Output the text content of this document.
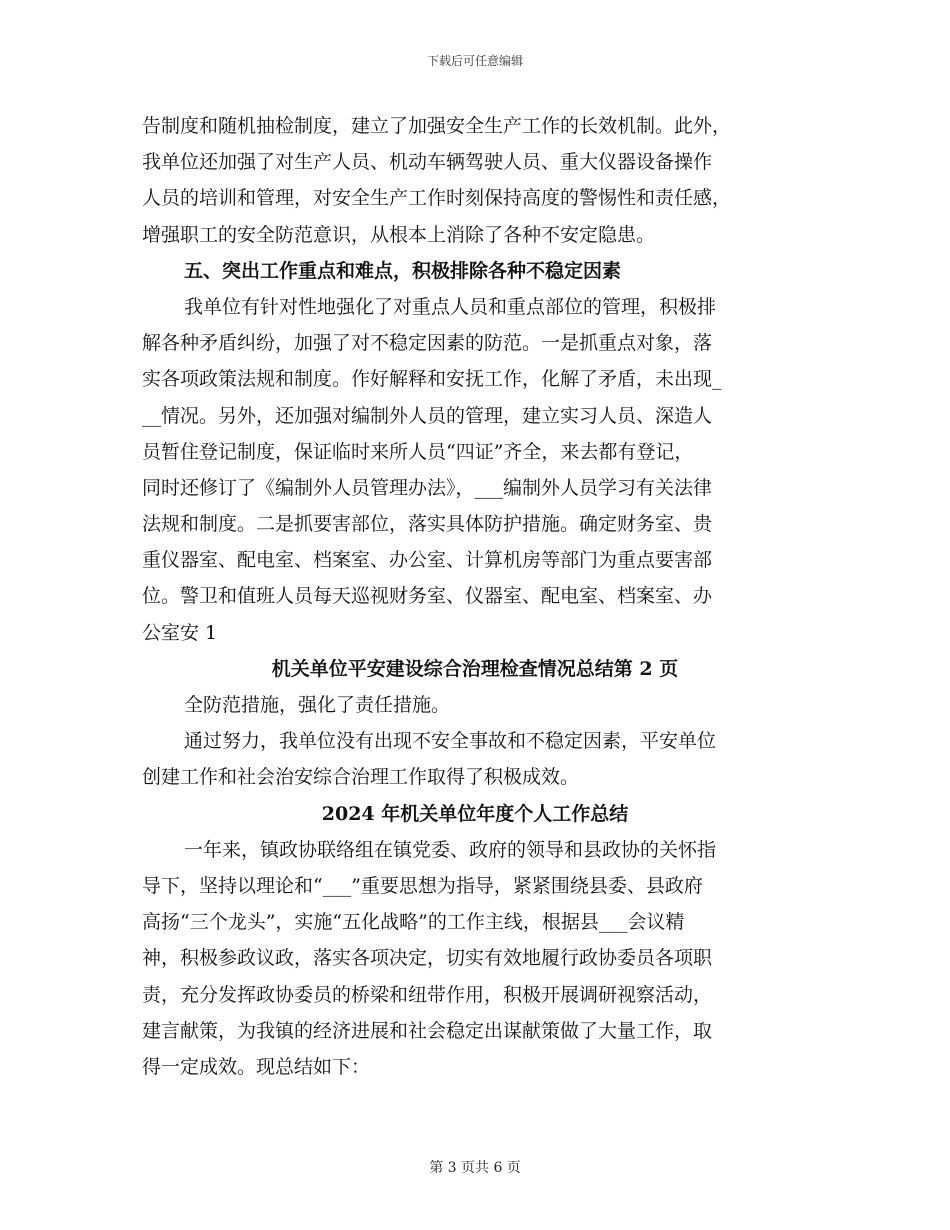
下载后可任意编辑
告制度和随机抽检制度，建立了加强安全生产工作的长效机制。此外，
我单位还加强了对生产人员、机动车辆驾驶人员、重大仪器设备操作
人员的培训和管理，对安全生产工作时刻保持高度的警惕性和责任感，
增强职工的安全防范意识，从根本上消除了各种不安定隐患。
五、突出工作重点和难点，积极排除各种不稳定因素
我单位有针对性地强化了对重点人员和重点部位的管理，积极排
解各种矛盾纠纷，加强了对不稳定因素的防范。一是抓重点对象，落
实各项政策法规和制度。作好解释和安抚工作，化解了矛盾，未出现_
__情况。另外，还加强对编制外人员的管理，建立实习人员、深造人
员暂住登记制度，保证临时来所人员“四证”齐全，来去都有登记，
同时还修订了《编制外人员管理办法》，___编制外人员学习有关法律
法规和制度。二是抓要害部位，落实具体防护措施。确定财务室、贵
重仪器室、配电室、档案室、办公室、计算机房等部门为重点要害部
位。警卫和值班人员每天巡视财务室、仪器室、配电室、档案室、办
公室安 1
机关单位平安建设综合治理检查情况总结第 2 页
全防范措施，强化了责任措施。
通过努力，我单位没有出现不安全事故和不稳定因素，平安单位
创建工作和社会治安综合治理工作取得了积极成效。
2024 年机关单位年度个人工作总结
一年来，镇政协联络组在镇党委、政府的领导和县政协的关怀指
导下，坚持以理论和“___”重要思想为指导，紧紧围绕县委、县政府
高扬“三个龙头”，实施“五化战略”的工作主线，根据县___会议精
神，积极参政议政，落实各项决定，切实有效地履行政协委员各项职
责，充分发挥政协委员的桥梁和纽带作用，积极开展调研视察活动，
建言献策，为我镇的经济进展和社会稳定出谋献策做了大量工作，取
得一定成效。现总结如下：
第 3 页共 6 页
